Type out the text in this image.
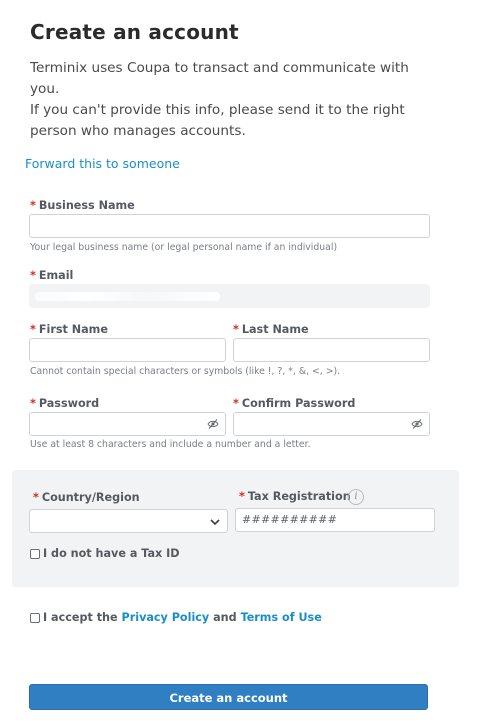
Create an account

Terminix uses Coupa to transact and communicate with you.

If you can't provide this info, please send it to the right person who manages accounts.

Forward this to someone
* Business Name
Your legal business name (or legal personal name if an individual)
* Email
* First Name	* Last Name
Cannot contain special characters or symbols (like !, ?, *, &, <, >).
* Password	* Confirm Password
Use at least 8 characters and include a number and a letter.
* Country/Region	* Tax Registration i
##########
I do not have a Tax ID
I accept the Privacy Policy and Terms of Use
Create an account
